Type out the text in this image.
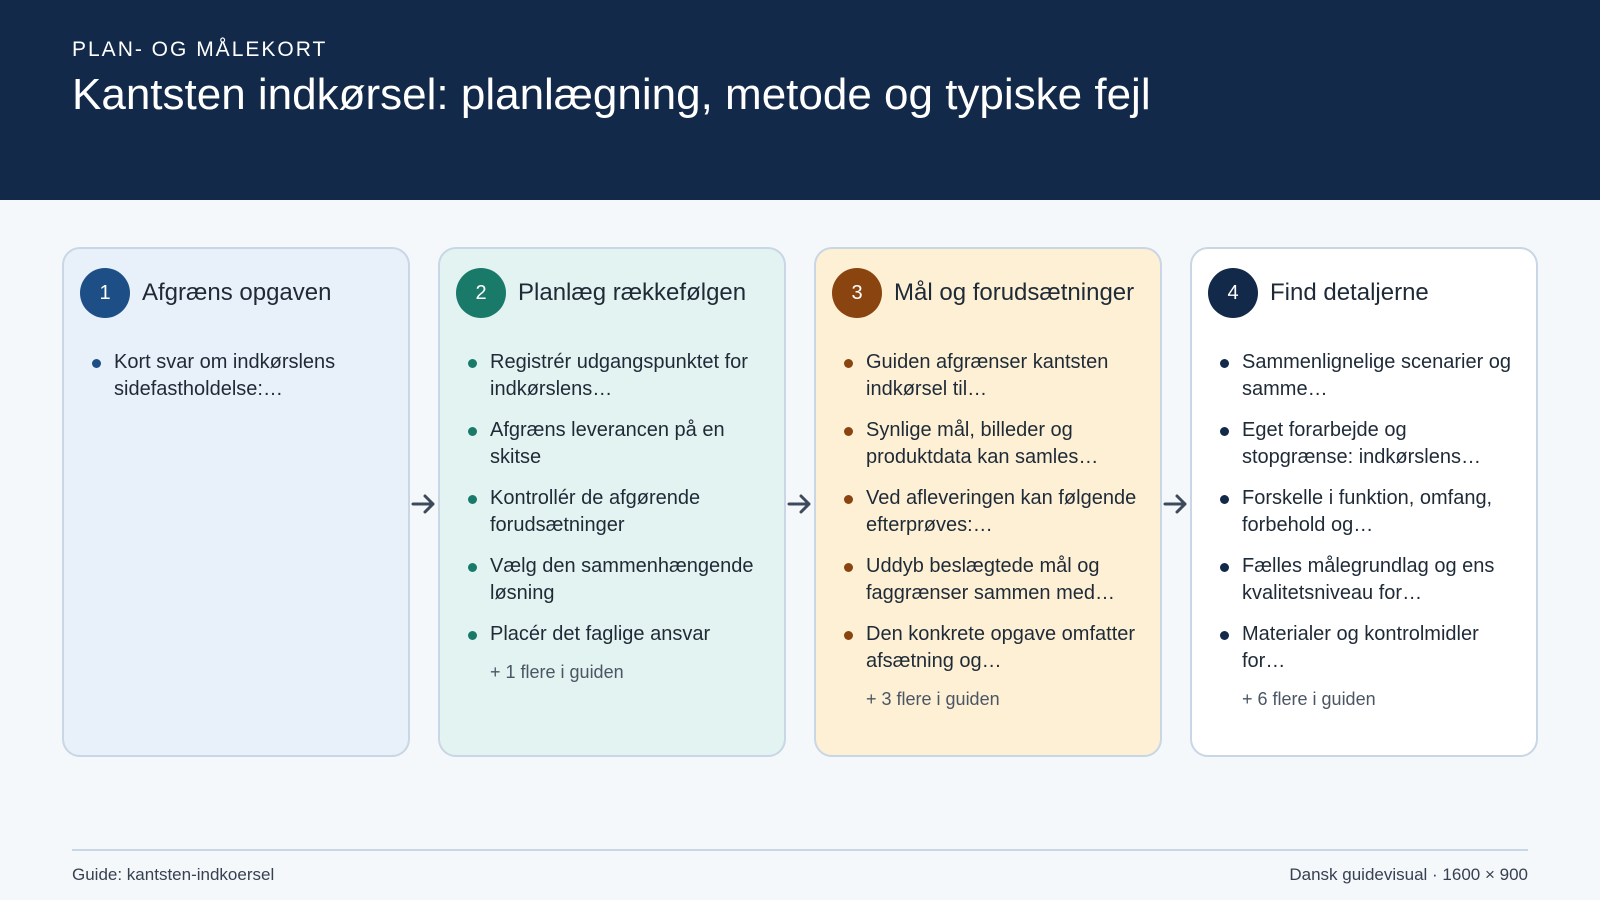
PLAN- OG MÅLEKORT
Kantsten indkørsel: planlægning, metode og typiske fejl
1	Afgræns opgaven
Kort svar om indkørslens sidefastholdelse:…
2	Planlæg rækkefølgen
Registrér udgangspunktet for indkørslens…
Afgræns leverancen på en skitse
Kontrollér de afgørende forudsætninger
Vælg den sammenhængende løsning
Placér det faglige ansvar
+ 1 flere i guiden
3	Mål og forudsætninger
Guiden afgrænser kantsten indkørsel til…
Synlige mål, billeder og produktdata kan samles…
Ved afleveringen kan følgende efterprøves:…
Uddyb beslægtede mål og faggrænser sammen med…
Den konkrete opgave omfatter afsætning og…
+ 3 flere i guiden
4	Find detaljerne
Sammenlignelige scenarier og samme…
Eget forarbejde og stopgrænse: indkørslens…
Forskelle i funktion, omfang, forbehold og…
Fælles målegrundlag og ens kvalitetsniveau for…
Materialer og kontrolmidler for…
+ 6 flere i guiden
Guide: kantsten-indkoersel	Dansk guidevisual · 1600 × 900
